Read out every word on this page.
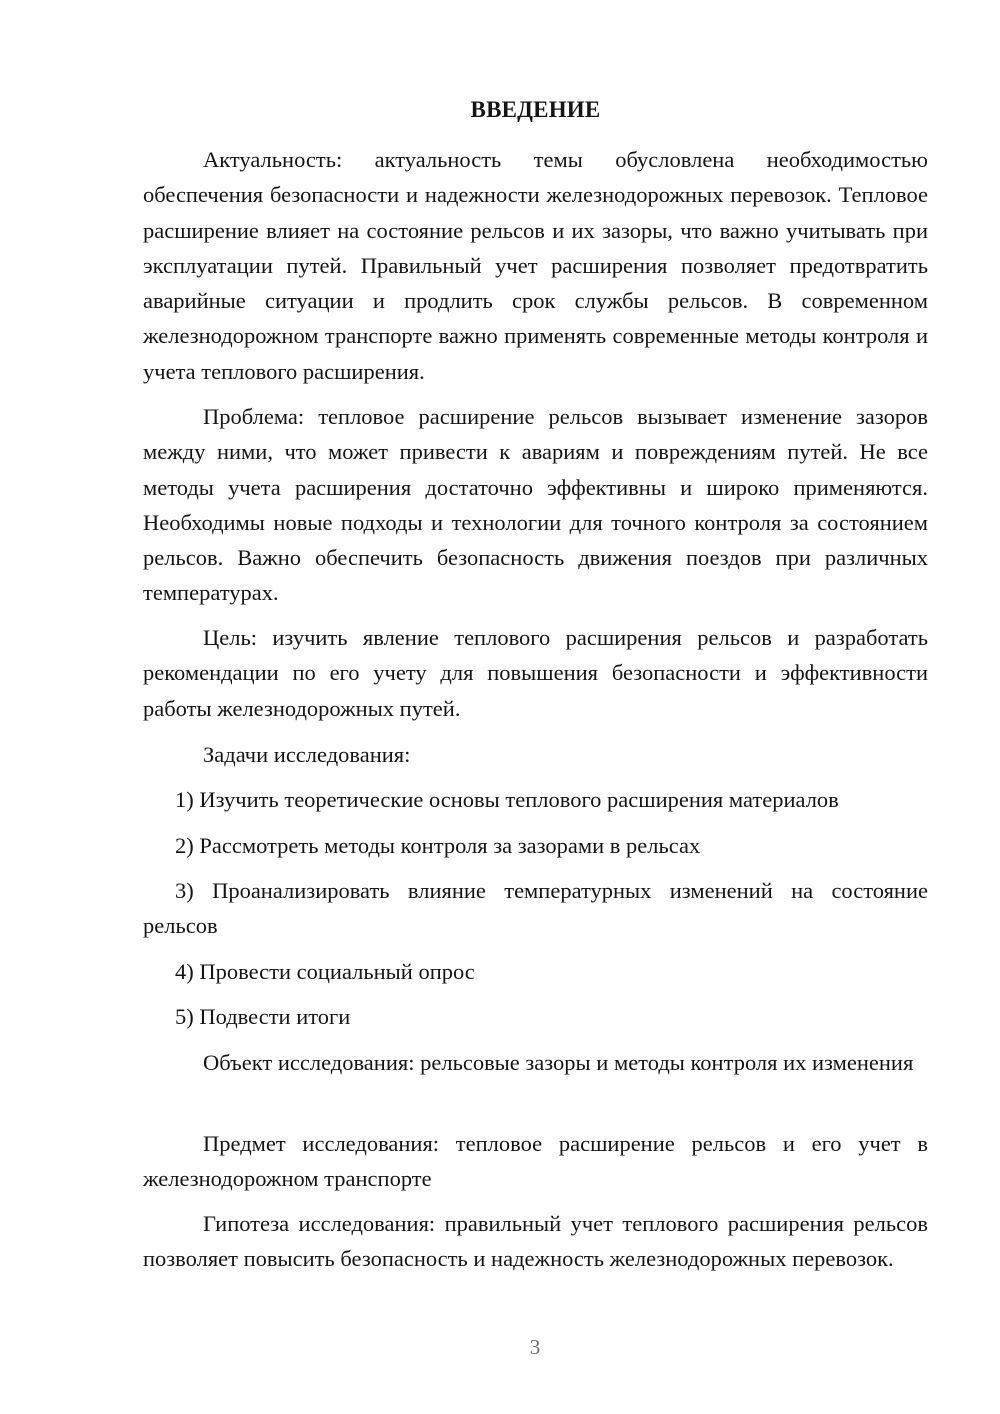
ВВЕДЕНИЕ

Актуальность: актуальность темы обусловлена необходимостью обеспечения безопасности и надежности железнодорожных перевозок. Тепловое расширение влияет на состояние рельсов и их зазоры, что важно учитывать при эксплуатации путей. Правильный учет расширения позволяет предотвратить аварийные ситуации и продлить срок службы рельсов. В современном железнодорожном транспорте важно применять современные методы контроля и учета теплового расширения.

Проблема: тепловое расширение рельсов вызывает изменение зазоров между ними, что может привести к авариям и повреждениям путей. Не все методы учета расширения достаточно эффективны и широко применяются. Необходимы новые подходы и технологии для точного контроля за состоянием рельсов. Важно обеспечить безопасность движения поездов при различных температурах.

Цель: изучить явление теплового расширения рельсов и разработать рекомендации по его учету для повышения безопасности и эффективности работы железнодорожных путей.

Задачи исследования:

1) Изучить теоретические основы теплового расширения материалов

2) Рассмотреть методы контроля за зазорами в рельсах

3) Проанализировать влияние температурных изменений на состояние рельсов

4) Провести социальный опрос

5) Подвести итоги

Объект исследования: рельсовые зазоры и методы контроля их изменения

Предмет исследования: тепловое расширение рельсов и его учет в железнодорожном транспорте

Гипотеза исследования: правильный учет теплового расширения рельсов позволяет повысить безопасность и надежность железнодорожных перевозок.

3
